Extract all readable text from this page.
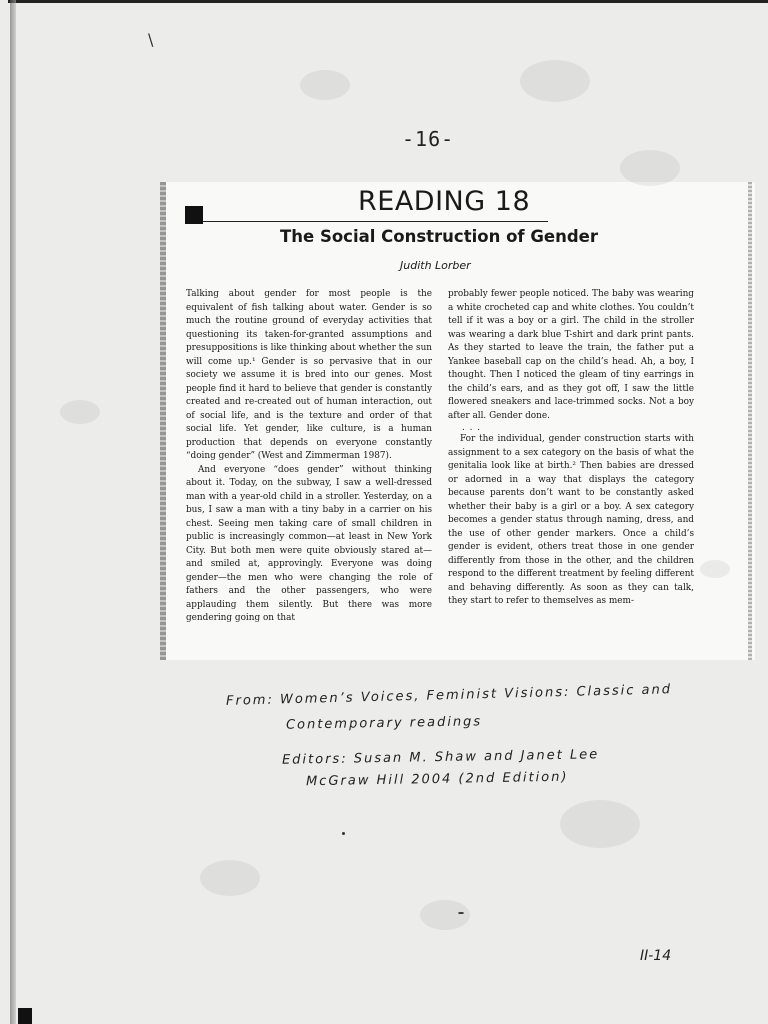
\
-16-
READING 18
The Social Construction of Gender
Judith Lorber

Talking about gender for most people is the equivalent of fish talking about water. Gender is so much the routine ground of everyday activities that questioning its taken-for-granted assumptions and presuppositions is like thinking about whether the sun will come up.¹ Gender is so pervasive that in our society we assume it is bred into our genes. Most people find it hard to believe that gender is constantly created and re-created out of human interaction, out of social life, and is the texture and order of that social life. Yet gender, like culture, is a human production that depends on everyone constantly “doing gender” (West and Zimmerman 1987).

And everyone “does gender” without thinking about it. Today, on the subway, I saw a well-dressed man with a year-old child in a stroller. Yesterday, on a bus, I saw a man with a tiny baby in a carrier on his chest. Seeing men taking care of small children in public is increasingly common—at least in New York City. But both men were quite obviously stared at—and smiled at, approvingly. Everyone was doing gender—the men who were changing the role of fathers and the other passengers, who were applauding them silently. But there was more gendering going on that

probably fewer people noticed. The baby was wearing a white crocheted cap and white clothes. You couldn’t tell if it was a boy or a girl. The child in the stroller was wearing a dark blue T-shirt and dark print pants. As they started to leave the train, the father put a Yankee baseball cap on the child’s head. Ah, a boy, I thought. Then I noticed the gleam of tiny earrings in the child’s ears, and as they got off, I saw the little flowered sneakers and lace-trimmed socks. Not a boy after all. Gender done.

. . .

For the individual, gender construction starts with assignment to a sex category on the basis of what the genitalia look like at birth.² Then babies are dressed or adorned in a way that displays the category because parents don’t want to be constantly asked whether their baby is a girl or a boy. A sex category becomes a gender status through naming, dress, and the use of other gender markers. Once a child’s gender is evident, others treat those in one gender differently from those in the other, and the children respond to the different treatment by feeling different and behaving differently. As soon as they can talk, they start to refer to themselves as mem-

From: Women’s Voices, Feminist Visions: Classic and
Contemporary readings
Editors: Susan M. Shaw and Janet Lee
McGraw Hill 2004 (2nd Edition)
II-14
